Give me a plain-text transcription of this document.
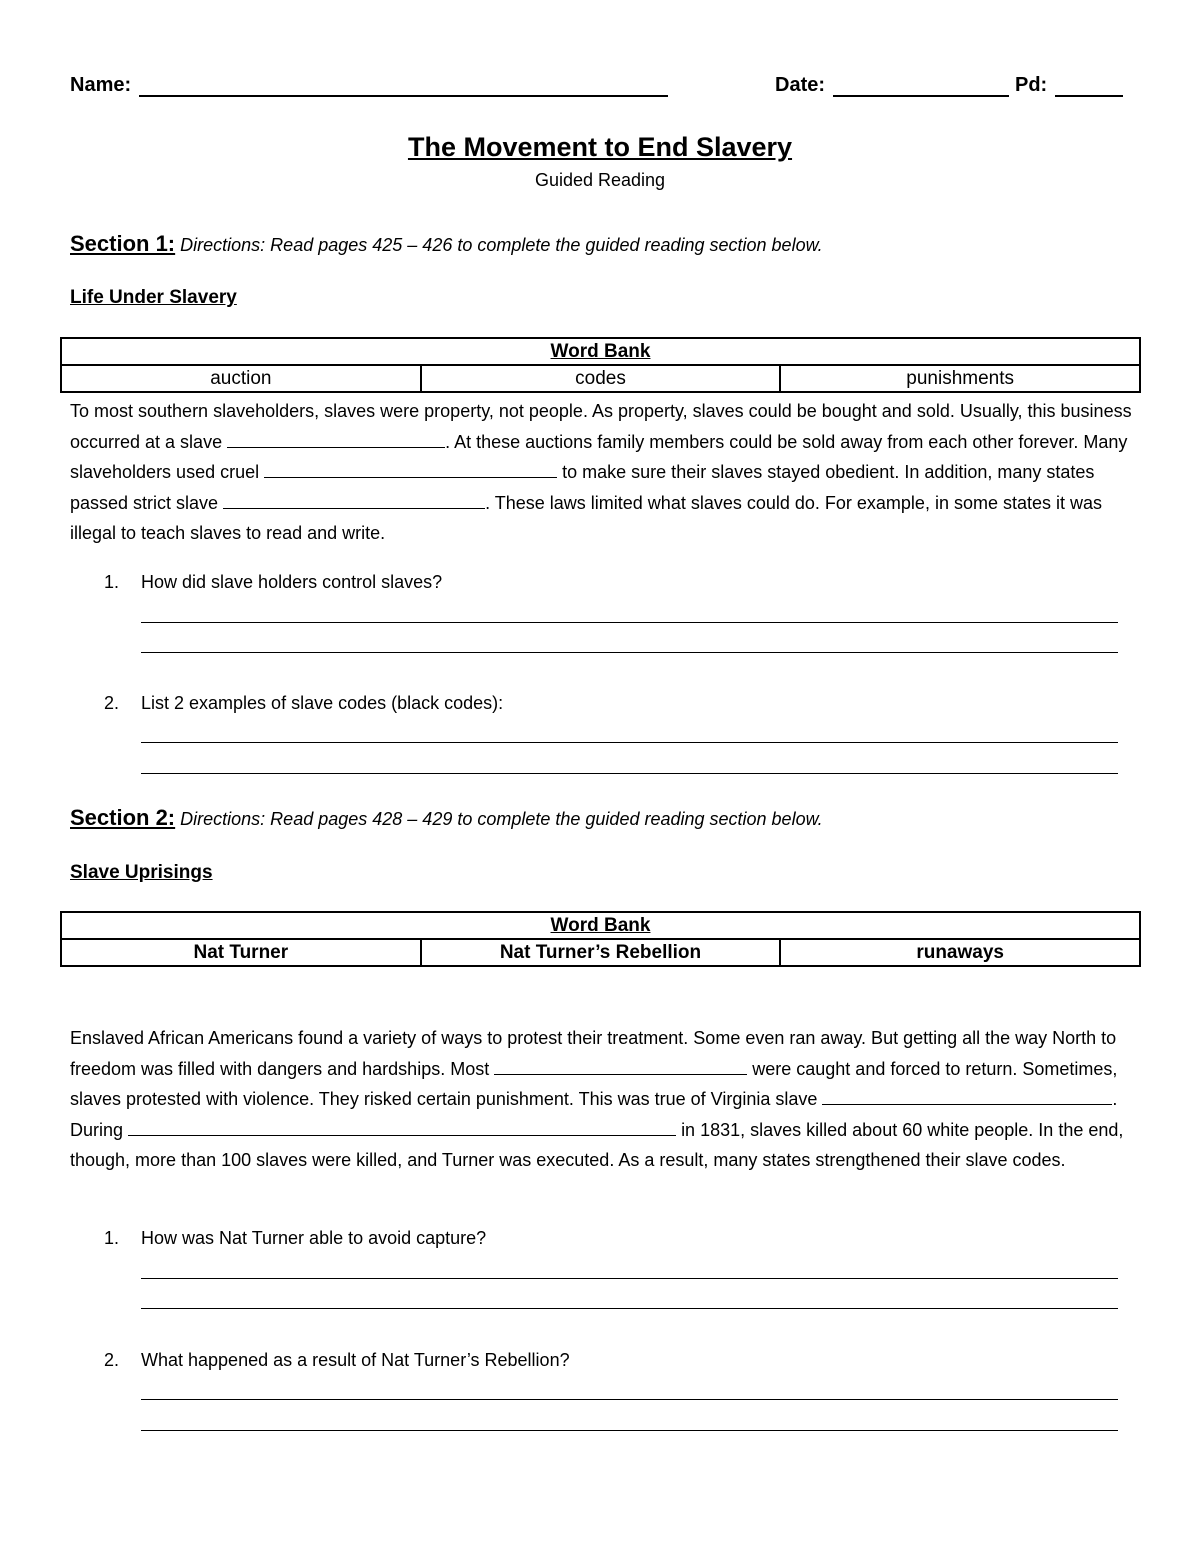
Name:	Date:	Pd:
The Movement to End Slavery
Guided Reading
Section 1: Directions: Read pages 425 – 426 to complete the guided reading section below.
Life Under Slavery
Word Bank
auction	codes	punishments
To most southern slaveholders, slaves were property, not people. As property, slaves could be bought and sold. Usually, this business occurred at a slave	. At these auctions family members could be sold away from each other forever. Many slaveholders used cruel	to make sure their slaves stayed obedient. In addition, many states passed strict slave	. These laws limited what slaves could do. For example, in some states it was illegal to teach slaves to read and write.
1. How did slave holders control slaves?
2. List 2 examples of slave codes (black codes):
Section 2: Directions: Read pages 428 – 429 to complete the guided reading section below.
Slave Uprisings
Word Bank
Nat Turner	Nat Turner’s Rebellion	runaways
Enslaved African Americans found a variety of ways to protest their treatment. Some even ran away. But getting all the way North to freedom was filled with dangers and hardships. Most	were caught and forced to return. Sometimes, slaves protested with violence. They risked certain punishment. This was true of Virginia slave	. During	in 1831, slaves killed about 60 white people. In the end, though, more than 100 slaves were killed, and Turner was executed. As a result, many states strengthened their slave codes.
1. How was Nat Turner able to avoid capture?
2. What happened as a result of Nat Turner’s Rebellion?
